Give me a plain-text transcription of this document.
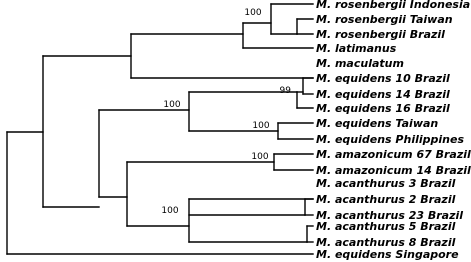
100
99
100
100
100
100
M. rosenbergii Indonesia
M. rosenbergii Taiwan
M. rosenbergii Brazil
M. latimanus
M. maculatum
M. equidens 10 Brazil
M. equidens 14 Brazil
M. equidens 16 Brazil
M. equidens Taiwan
M. equidens Philippines
M. amazonicum 67 Brazil
M. amazonicum 14 Brazil
M. acanthurus 2 Brazil
M. acanthurus 3 Brazil
M. acanthurus 23 Brazil
M. acanthurus 5 Brazil
M. acanthurus 8 Brazil
M. equidens Singapore
